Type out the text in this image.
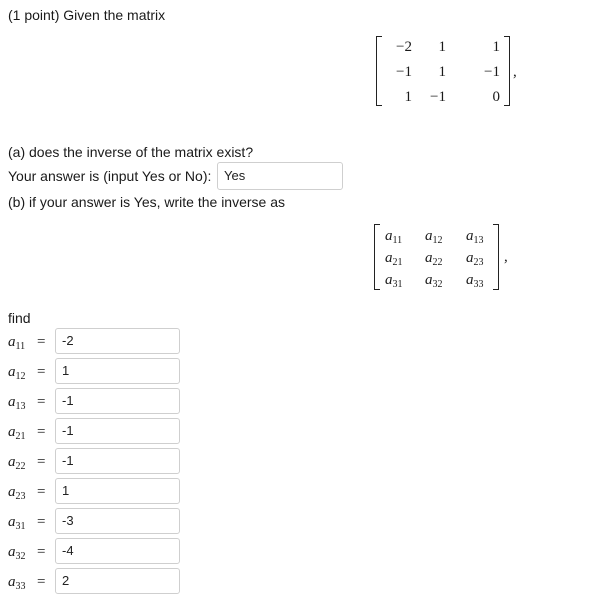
(1 point) Given the matrix
−2	1	1
−1	1	−1
1	−1	0
,
(a) does the inverse of the matrix exist?
Your answer is (input Yes or No): Yes
(b) if your answer is Yes, write the inverse as
$a_{11}$ $a_{12}$ $a_{13}$
$a_{21}$ $a_{22}$ $a_{23}$
$a_{31}$ $a_{32}$ $a_{33}$
,
find
$a_{11}$ =	-2
$a_{12}$ =	1
$a_{13}$ =	-1
$a_{21}$ =	-1
$a_{22}$ =	-1
$a_{23}$ =	1
$a_{31}$ =	-3
$a_{32}$ =	-4
$a_{33}$ =	2
